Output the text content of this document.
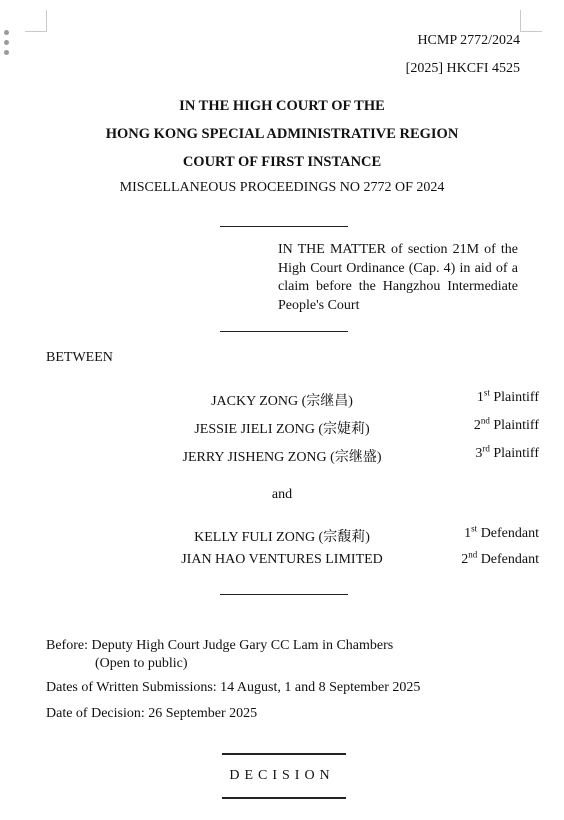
HCMP 2772/2024
[2025] HKCFI 4525
IN THE HIGH COURT OF THE
HONG KONG SPECIAL ADMINISTRATIVE REGION
COURT OF FIRST INSTANCE
MISCELLANEOUS PROCEEDINGS NO 2772 OF 2024
IN THE MATTER of section 21M of the High Court Ordinance (Cap. 4) in aid of a claim before the Hangzhou Intermediate People's Court
BETWEEN
JACKY ZONG (宗继昌)	1st Plaintiff
JESSIE JIELI ZONG (宗婕莉)	2nd Plaintiff
JERRY JISHENG ZONG (宗继盛)	3rd Plaintiff
and
KELLY FULI ZONG (宗馥莉)	1st Defendant
JIAN HAO VENTURES LIMITED	2nd Defendant
Before: Deputy High Court Judge Gary CC Lam in Chambers
(Open to public)
Dates of Written Submissions: 14 August, 1 and 8 September 2025
Date of Decision: 26 September 2025
DECISION
